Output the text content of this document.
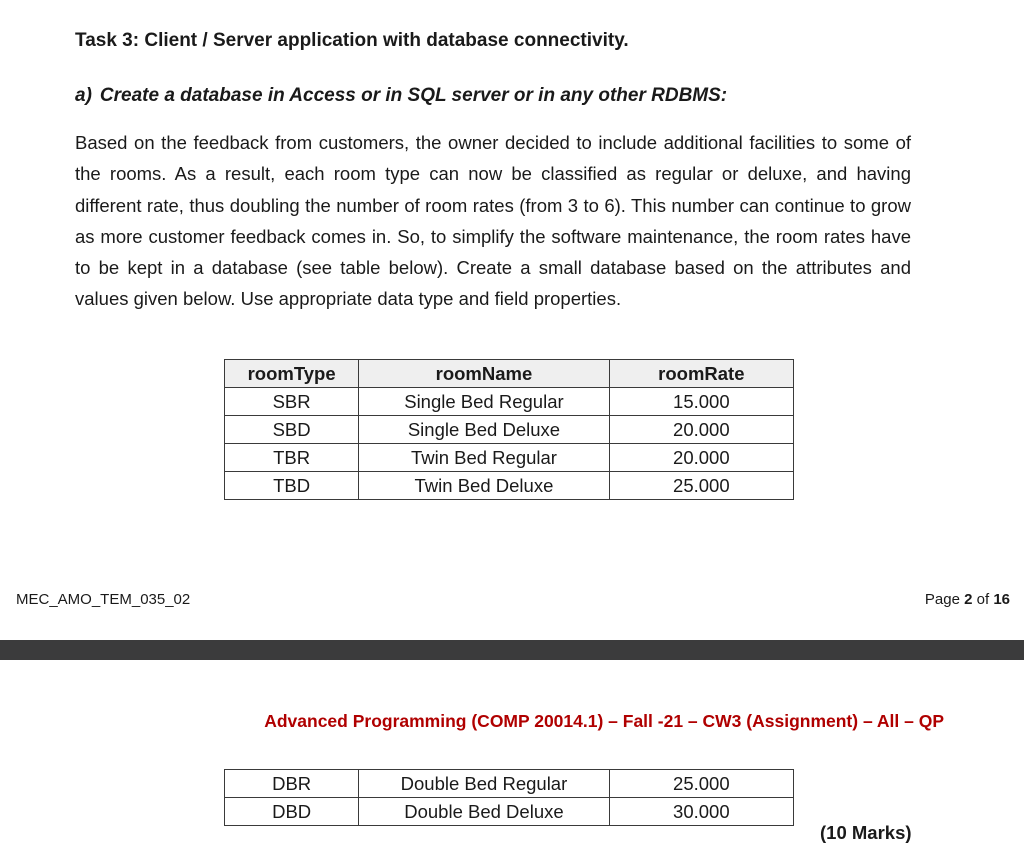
Task 3: Client / Server application with database connectivity.
a) Create a database in Access or in SQL server or in any other RDBMS:

Based on the feedback from customers, the owner decided to include additional facilities to some of the rooms. As a result, each room type can now be classified as regular or deluxe, and having different rate, thus doubling the number of room rates (from 3 to 6). This number can continue to grow as more customer feedback comes in. So, to simplify the software maintenance, the room rates have to be kept in a database (see table below). Create a small database based on the attributes and values given below. Use appropriate data type and field properties.

roomType	roomName	roomRate
SBR	Single Bed Regular	15.000
SBD	Single Bed Deluxe	20.000
TBR	Twin Bed Regular	20.000
TBD	Twin Bed Deluxe	25.000
MEC_AMO_TEM_035_02	Page 2 of 16
Advanced Programming (COMP 20014.1) – Fall -21 – CW3 (Assignment) – All – QP
DBR	Double Bed Regular	25.000
DBD	Double Bed Deluxe	30.000
(10 Marks)
